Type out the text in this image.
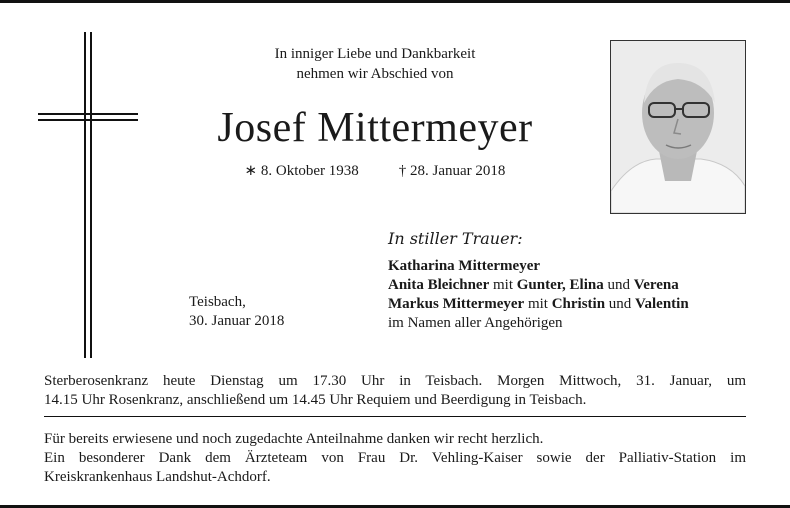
In inniger Liebe und Dankbarkeit
nehmen wir Abschied von
Josef Mittermeyer
∗ 8. Oktober 1938	† 28. Januar 2018
In stiller Trauer:
Katharina Mittermeyer
Anita Bleichner mit Gunter, Elina und Verena
Markus Mittermeyer mit Christin und Valentin
im Namen aller Angehörigen
Teisbach,
30. Januar 2018
Sterberosenkranz heute Dienstag um 17.30 Uhr in Teisbach. Morgen Mittwoch, 31. Januar, um
14.15 Uhr Rosenkranz, anschließend um 14.45 Uhr Requiem und Beerdigung in Teisbach.
Für bereits erwiesene und noch zugedachte Anteilnahme danken wir recht herzlich.
Ein besonderer Dank dem Ärzteteam von Frau Dr. Vehling-Kaiser sowie der Palliativ-Station im
Kreiskrankenhaus Landshut-Achdorf.
